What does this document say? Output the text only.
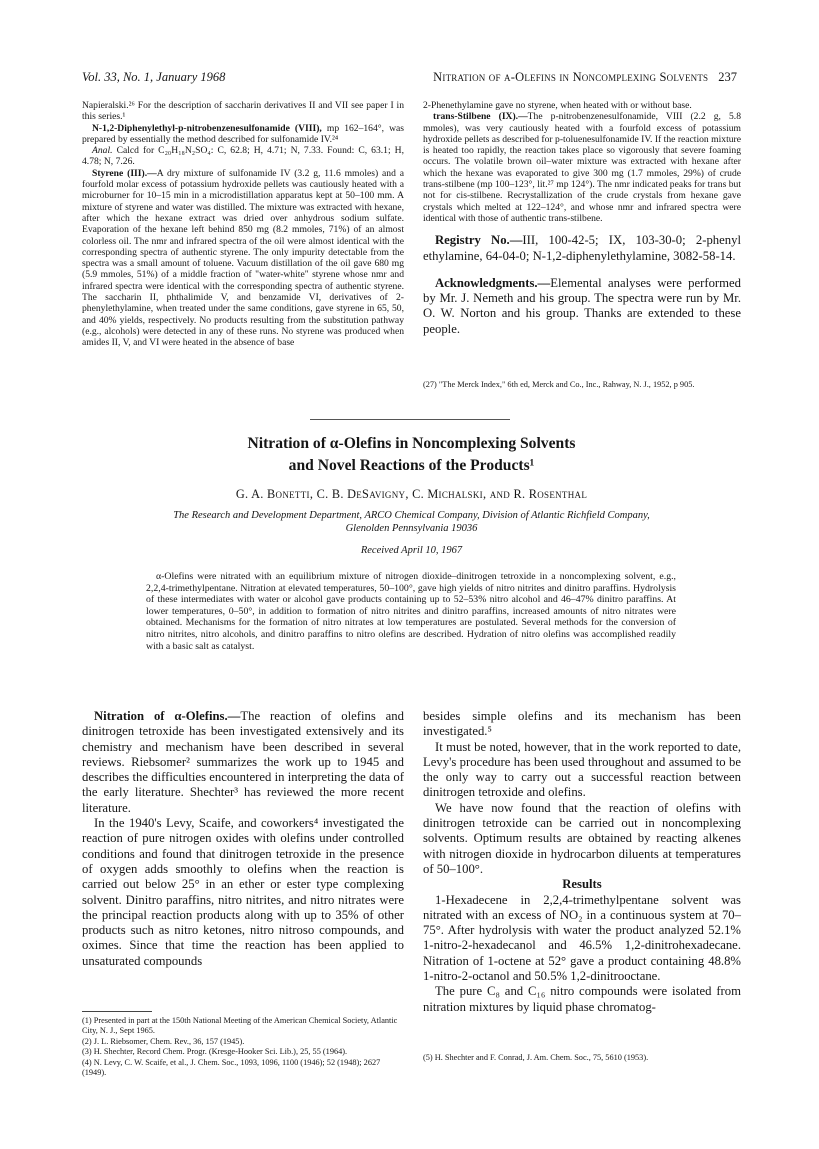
Vol. 33, No. 1, January 1968	Nitration of α-Olefins in Noncomplexing Solvents 237

Napieralski.²⁶ For the description of saccharin derivatives II and VII see paper I in this series.¹

N-1,2-Diphenylethyl-p-nitrobenzenesulfonamide (VIII), mp 162–164°, was prepared by essentially the method described for sulfonamide IV.²⁴

Anal. Calcd for C₂₀H₁₈N₂SO₄: C, 62.8; H, 4.71; N, 7.33. Found: C, 63.1; H, 4.78; N, 7.26.

Styrene (III).—A dry mixture of sulfonamide IV (3.2 g, 11.6 mmoles) and a fourfold molar excess of potassium hydroxide pellets was cautiously heated with a microburner for 10–15 min in a microdistillation apparatus kept at 50–100 mm. A mixture of styrene and water was distilled. The mixture was extracted with hexane, after which the hexane extract was dried over anhydrous sodium sulfate. Evaporation of the hexane left behind 850 mg (8.2 mmoles, 71%) of an almost colorless oil. The nmr and infrared spectra of the oil were almost identical with the corresponding spectra of authentic styrene. The only impurity detectable from the spectra was a small amount of toluene. Vacuum distillation of the oil gave 680 mg (5.9 mmoles, 51%) of a middle fraction of "water-white" styrene whose nmr and infrared spectra were identical with the corresponding spectra of authentic styrene. The saccharin II, phthalimide V, and benzamide VI, derivatives of 2-phenylethylamine, when treated under the same conditions, gave styrene in 65, 50, and 40% yields, respectively. No products resulting from the substitution pathway (e.g., alcohols) were detected in any of these runs. No styrene was produced when amides II, V, and VI were heated in the absence of base

2-Phenethylamine gave no styrene, when heated with or without base.

trans-Stilbene (IX).—The p-nitrobenzenesulfonamide, VIII (2.2 g, 5.8 mmoles), was very cautiously heated with a fourfold excess of potassium hydroxide pellets as described for p-toluenesulfonamide IV. If the reaction mixture is heated too rapidly, the reaction takes place so vigorously that severe foaming occurs. The volatile brown oil–water mixture was extracted with hexane after which the hexane was evaporated to give 300 mg (1.7 mmoles, 29%) of crude trans-stilbene (mp 100–123°, lit.²⁷ mp 124°). The nmr indicated peaks for trans but not for cis-stilbene. Recrystallization of the crude crystals from hexane gave crystals which melted at 122–124°, and whose nmr and infrared spectra were identical with those of authentic trans-stilbene.

Registry No.—III, 100-42-5; IX, 103-30-0; 2-phenyl ethylamine, 64-04-0; N-1,2-diphenylethylamine, 3082-58-14.

Acknowledgments.—Elemental analyses were performed by Mr. J. Nemeth and his group. The spectra were run by Mr. O. W. Norton and his group. Thanks are extended to these people.

(27) "The Merck Index," 6th ed, Merck and Co., Inc., Rahway, N. J., 1952, p 905.
Nitration of α-Olefins in Noncomplexing Solvents
and Novel Reactions of the Products¹
G. A. Bonetti, C. B. DeSavigny, C. Michalski, and R. Rosenthal
The Research and Development Department, ARCO Chemical Company, Division of Atlantic Richfield Company,
Glenolden Pennsylvania 19036
Received April 10, 1967

α-Olefins were nitrated with an equilibrium mixture of nitrogen dioxide–dinitrogen tetroxide in a noncomplexing solvent, e.g., 2,2,4-trimethylpentane. Nitration at elevated temperatures, 50–100°, gave high yields of nitro nitrites and dinitro paraffins. Hydrolysis of these intermediates with water or alcohol gave products containing up to 52–53% nitro alcohol and 46–47% dinitro paraffins. At lower temperatures, 0–50°, in addition to formation of nitro nitrites and dinitro paraffins, increased amounts of nitro nitrates were obtained. Mechanisms for the formation of nitro nitrates at low temperatures are postulated. Several methods for the conversion of nitro nitrites, nitro alcohols, and dinitro paraffins to nitro olefins are described. Hydration of nitro olefins was accomplished readily with a basic salt as catalyst.

Nitration of α-Olefins.—The reaction of olefins and dinitrogen tetroxide has been investigated extensively and its chemistry and mechanism have been described in several reviews. Riebsomer² summarizes the work up to 1945 and describes the difficulties encountered in interpreting the data of the early literature. Shechter³ has reviewed the more recent literature.

In the 1940's Levy, Scaife, and coworkers⁴ investigated the reaction of pure nitrogen oxides with olefins under controlled conditions and found that dinitrogen tetroxide in the presence of oxygen adds smoothly to olefins when the reaction is carried out below 25° in an ether or ester type complexing solvent. Dinitro paraffins, nitro nitrites, and nitro nitrates were the principal reaction products along with up to 35% of other products such as nitro ketones, nitro nitroso compounds, and oximes. Since that time the reaction has been applied to unsaturated compounds

besides simple olefins and its mechanism has been investigated.⁵

It must be noted, however, that in the work reported to date, Levy's procedure has been used throughout and assumed to be the only way to carry out a successful reaction between dinitrogen tetroxide and olefins.

We have now found that the reaction of olefins with dinitrogen tetroxide can be carried out in noncomplexing solvents. Optimum results are obtained by reacting alkenes with nitrogen dioxide in hydrocarbon diluents at temperatures of 50–100°.

Results

1-Hexadecene in 2,2,4-trimethylpentane solvent was nitrated with an excess of NO₂ in a continuous system at 70–75°. After hydrolysis with water the product analyzed 52.1% 1-nitro-2-hexadecanol and 46.5% 1,2-dinitrohexadecane. Nitration of 1-octene at 52° gave a product containing 48.8% 1-nitro-2-octanol and 50.5% 1,2-dinitrooctane.

The pure C₈ and C₁₆ nitro compounds were isolated from nitration mixtures by liquid phase chromatog-

(1) Presented in part at the 150th National Meeting of the American Chemical Society, Atlantic City, N. J., Sept 1965.

(2) J. L. Riebsomer, Chem. Rev., 36, 157 (1945).

(3) H. Shechter, Record Chem. Progr. (Kresge-Hooker Sci. Lib.), 25, 55 (1964).

(4) N. Levy, C. W. Scaife, et al., J. Chem. Soc., 1093, 1096, 1100 (1946); 52 (1948); 2627 (1949).

(5) H. Shechter and F. Conrad, J. Am. Chem. Soc., 75, 5610 (1953).
